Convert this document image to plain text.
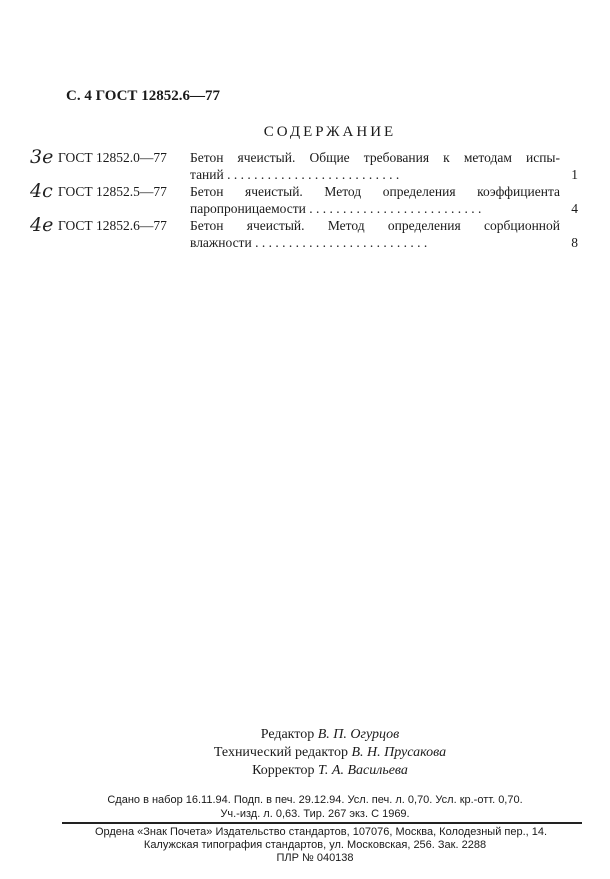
С. 4 ГОСТ 12852.6—77
СОДЕРЖАНИЕ
3е ГОСТ 12852.0—77 Бетон ячеистый. Общие требования к методам испы-
таний . . . . . . . . . . . . . . . . . . . . . . . . . .	1
4с ГОСТ 12852.5—77 Бетон ячеистый. Метод определения коэффициента
паропроницаемости . . . . . . . . . . . . . . . . . . . . . . . . . .	4
4е ГОСТ 12852.6—77 Бетон ячеистый. Метод определения сорбционной
влажности . . . . . . . . . . . . . . . . . . . . . . . . . .	8
Редактор В. П. Огурцов
Технический редактор В. Н. Прусакова
Корректор Т. А. Васильева
Сдано в набор 16.11.94. Подп. в печ. 29.12.94. Усл. печ. л. 0,70. Усл. кр.-отт. 0,70.
Уч.-изд. л. 0,63. Тир. 267 экз. С 1969.
Ордена «Знак Почета» Издательство стандартов, 107076, Москва, Колодезный пер., 14.
Калужская типография стандартов, ул. Московская, 256. Зак. 2288
ПЛР № 040138
